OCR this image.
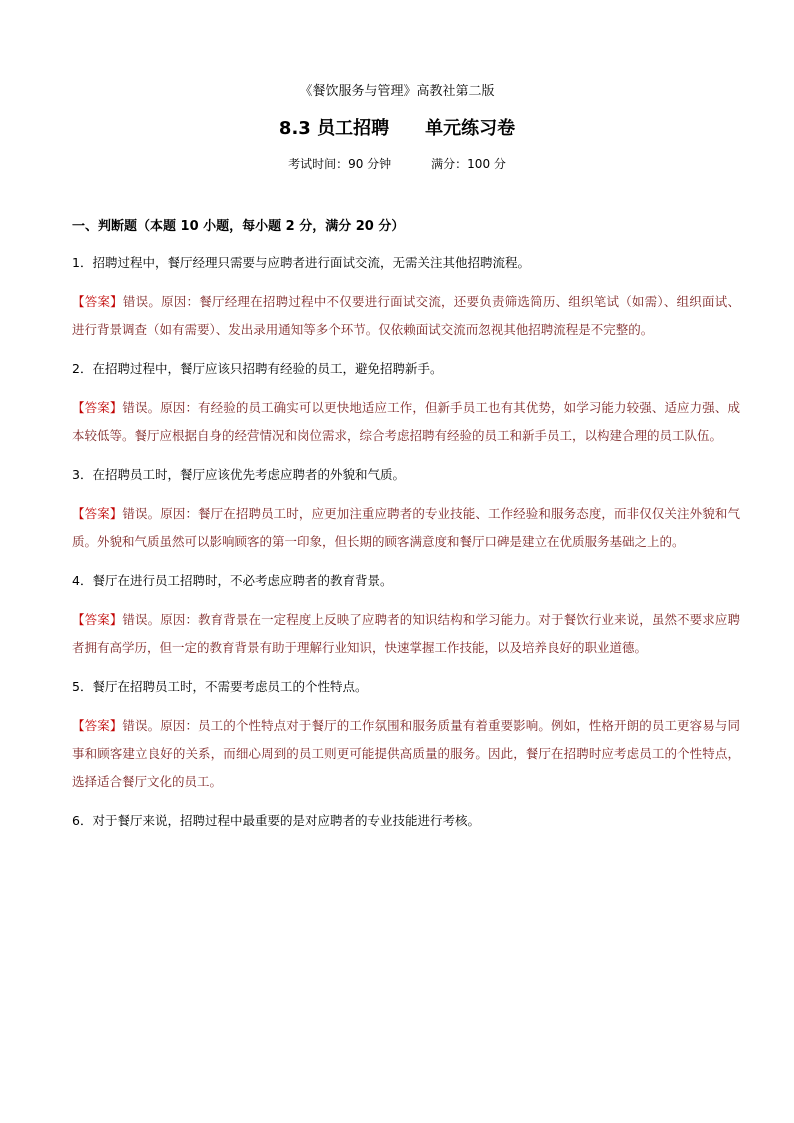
《餐饮服务与管理》高教社第二版
8.3 员工招聘 单元练习卷
考试时间：90 分钟	满分：100 分
一、判断题（本题 10 小题，每小题 2 分，满分 20 分）
1．招聘过程中，餐厅经理只需要与应聘者进行面试交流，无需关注其他招聘流程。
【答案】错误。原因：餐厅经理在招聘过程中不仅要进行面试交流，还要负责筛选简历、组织笔试（如需）、组织面试、进行背景调查（如有需要）、发出录用通知等多个环节。仅依赖面试交流而忽视其他招聘流程是不完整的。
2．在招聘过程中，餐厅应该只招聘有经验的员工，避免招聘新手。
【答案】错误。原因：有经验的员工确实可以更快地适应工作，但新手员工也有其优势，如学习能力较强、适应力强、成本较低等。餐厅应根据自身的经营情况和岗位需求，综合考虑招聘有经验的员工和新手员工，以构建合理的员工队伍。
3．在招聘员工时，餐厅应该优先考虑应聘者的外貌和气质。
【答案】错误。原因：餐厅在招聘员工时，应更加注重应聘者的专业技能、工作经验和服务态度，而非仅仅关注外貌和气质。外貌和气质虽然可以影响顾客的第一印象，但长期的顾客满意度和餐厅口碑是建立在优质服务基础之上的。
4．餐厅在进行员工招聘时，不必考虑应聘者的教育背景。
【答案】错误。原因：教育背景在一定程度上反映了应聘者的知识结构和学习能力。对于餐饮行业来说，虽然不要求应聘者拥有高学历，但一定的教育背景有助于理解行业知识，快速掌握工作技能，以及培养良好的职业道德。
5．餐厅在招聘员工时，不需要考虑员工的个性特点。
【答案】错误。原因：员工的个性特点对于餐厅的工作氛围和服务质量有着重要影响。例如，性格开朗的员工更容易与同事和顾客建立良好的关系，而细心周到的员工则更可能提供高质量的服务。因此，餐厅在招聘时应考虑员工的个性特点，选择适合餐厅文化的员工。
6．对于餐厅来说，招聘过程中最重要的是对应聘者的专业技能进行考核。
